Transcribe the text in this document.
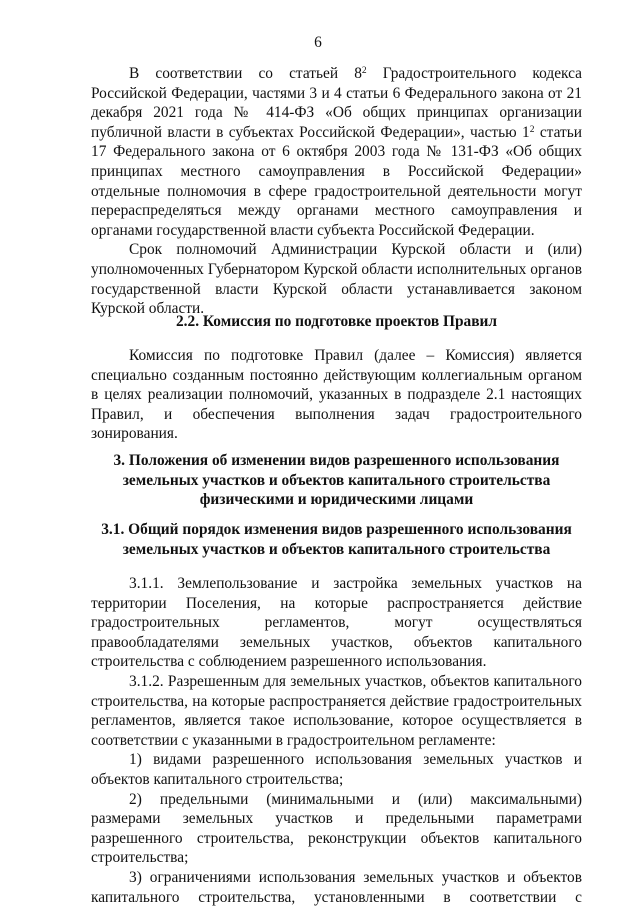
6

В соответствии со статьей $8^2$ Градостроительного кодекса Российской Федерации, частями 3 и 4 статьи 6 Федерального закона от 21 декабря 2021 года № 414-ФЗ «Об общих принципах организации публичной власти в субъектах Российской Федерации», частью $1^2$ статьи 17 Федерального закона от 6 октября 2003 года № 131-ФЗ «Об общих принципах местного самоуправления в Российской Федерации» отдельные полномочия в сфере градостроительной деятельности могут перераспределяться между органами местного самоуправления и органами государственной власти субъекта Российской Федерации.

Срок полномочий Администрации Курской области и (или) уполномоченных Губернатором Курской области исполнительных органов государственной власти Курской области устанавливается законом Курской области.

2.2. Комиссия по подготовке проектов Правил

Комиссия по подготовке Правил (далее – Комиссия) является специально созданным постоянно действующим коллегиальным органом в целях реализации полномочий, указанных в подразделе 2.1 настоящих Правил, и обеспечения выполнения задач градостроительного зонирования.

3. Положения об изменении видов разрешенного использования

земельных участков и объектов капитального строительства

физическими и юридическими лицами

3.1. Общий порядок изменения видов разрешенного использования

земельных участков и объектов капитального строительства

3.1.1. Землепользование и застройка земельных участков на территории Поселения, на которые распространяется действие градостроительных регламентов, могут осуществляться правообладателями земельных участков, объектов капитального строительства с соблюдением разрешенного использования.

3.1.2. Разрешенным для земельных участков, объектов капитального строительства, на которые распространяется действие градостроительных регламентов, является такое использование, которое осуществляется в соответствии с указанными в градостроительном регламенте:

1) видами разрешенного использования земельных участков и объектов капитального строительства;

2) предельными (минимальными и (или) максимальными) размерами земельных участков и предельными параметрами разрешенного строительства, реконструкции объектов капитального строительства;

3) ограничениями использования земельных участков и объектов капитального строительства, установленными в соответствии с
